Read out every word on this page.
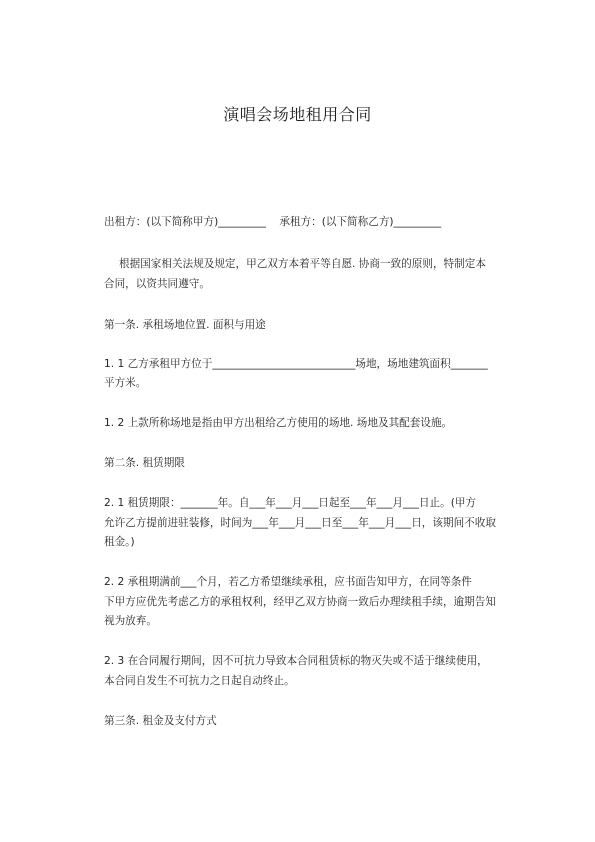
演唱会场地租用合同
出租方：(以下简称甲方)_________    承租方：(以下简称乙方)_________
根据国家相关法规及规定，甲乙双方本着平等自愿. 协商一致的原则，特制定本
合同，以资共同遵守。
第一条. 承租场地位置. 面积与用途
1. 1 乙方承租甲方位于___________________________场地，场地建筑面积_______
平方米。
1. 2 上款所称场地是指由甲方出租给乙方使用的场地. 场地及其配套设施。
第二条. 租赁期限
2. 1 租赁期限：_______年。自___年___月___日起至___年___月___日止。(甲方
允许乙方提前进驻装修，时间为___年___月___日至___年___月___日，该期间不收取
租金。)
2. 2 承租期满前___个月，若乙方希望继续承租，应书面告知甲方，在同等条件
下甲方应优先考虑乙方的承租权利，经甲乙双方协商一致后办理续租手续，逾期告知
视为放弃。
2. 3 在合同履行期间，因不可抗力导致本合同租赁标的物灭失或不适于继续使用，
本合同自发生不可抗力之日起自动终止。
第三条. 租金及支付方式
